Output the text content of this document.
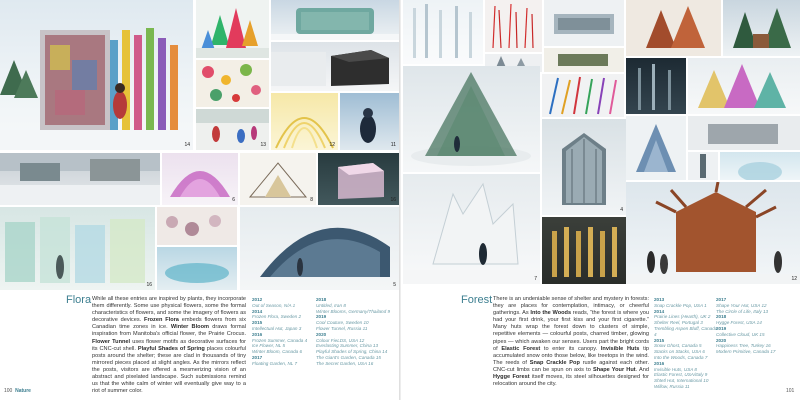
14	13	12	11
6	8	16
16	5
7
4
12
Flora While all these entries are inspired by plants, they incorporate them differently. Some use physical flowers, some the formal characteristics of flowers, and some the imagery of flowers as decorative devices. Frozen Flora embeds flowers from six Canadian time zones in ice. Winter Bloom draws formal inspiration from Manitoba's official flower, the Prairie Crocus. Flower Tunnel uses flower motifs as decorative surfaces for its CNC-cut shell. Playful Shades of Spring places colourful posts around the shelter; these are clad in thousands of tiny mirrored pieces placed at slight angles. As the mirrors reflect the posts, visitors are offered a mesmerizing vision of an abstract and pixelated landscape. Such submissions remind us that the white calm of winter will eventually give way to a riot of summer color.
2012
Out of Season, N/A 1
2014
Frozen Flora, Sweden 2
2015
Intellectual Hut, Japan 3
2016
Frozen Summer, Canada 4
Ice Flower, NL 5
Winter Bloom, Canada 6
2017
Floating Garden, NL 7
2018
Untitled, Iran 8
Winter Blooms, Germany/Thailand 9
2019
Cool Couture, Sweden 10
Flower Tunnel, Russia 11
2020
Colour FieLDS, USA 12
Everlasting Summer, China 13
Playful Shades of Spring, China 14
The Giant's Garden, Canada 15
The Secret Garden, USA 16
100 Nature
Forest There is an undeniable sense of shelter and mystery in forests: they are places for contemplation, intimacy, or cheerful gatherings. As Into the Woods reads, “the forest is where you had your first drink, your first kiss and your first cigarette.” Many huts wrap the forest down to clusters of simple, repetitive elements — colourful posts, charred timber, glowing pipes — which awaken our senses. Users part the bright cords of Elastic Forest to enter its canopy. Invisible Huts tip accumulated snow onto those below, like treetops in the wind. The reeds of Snap Crackle Pop rustle against each other. CNC-cut limbs can be spun on axis to Shape Your Hut. And Hygge Forest itself moves, its steel silhouettes designed for relocation around the city.
2013
Snap Crackle Pop, USA 1
2014
Prairie Lines (Hearth), UK 2
Shelter Reel, Portugal 3
Trembling Aspen Bluff, Canada 4
2015
Snow Ghost, Canada 5
Stacks on Stacks, USA 6
Into the Woods, Canada 7
2016
Invisible Huts, USA 8
Elastic Forest, USA/Italy 9
Shtetl Hut, International 10
Willow, Russia 11
2017
Shape Your Hut, USA 12
The Circle of Life, Italy 13
2018
Hygge Forest, USA 14
2019
Collective Cloud, UK 15
2020
Happiness Tree, Turkey 16
Modern Primitive, Canada 17
101
